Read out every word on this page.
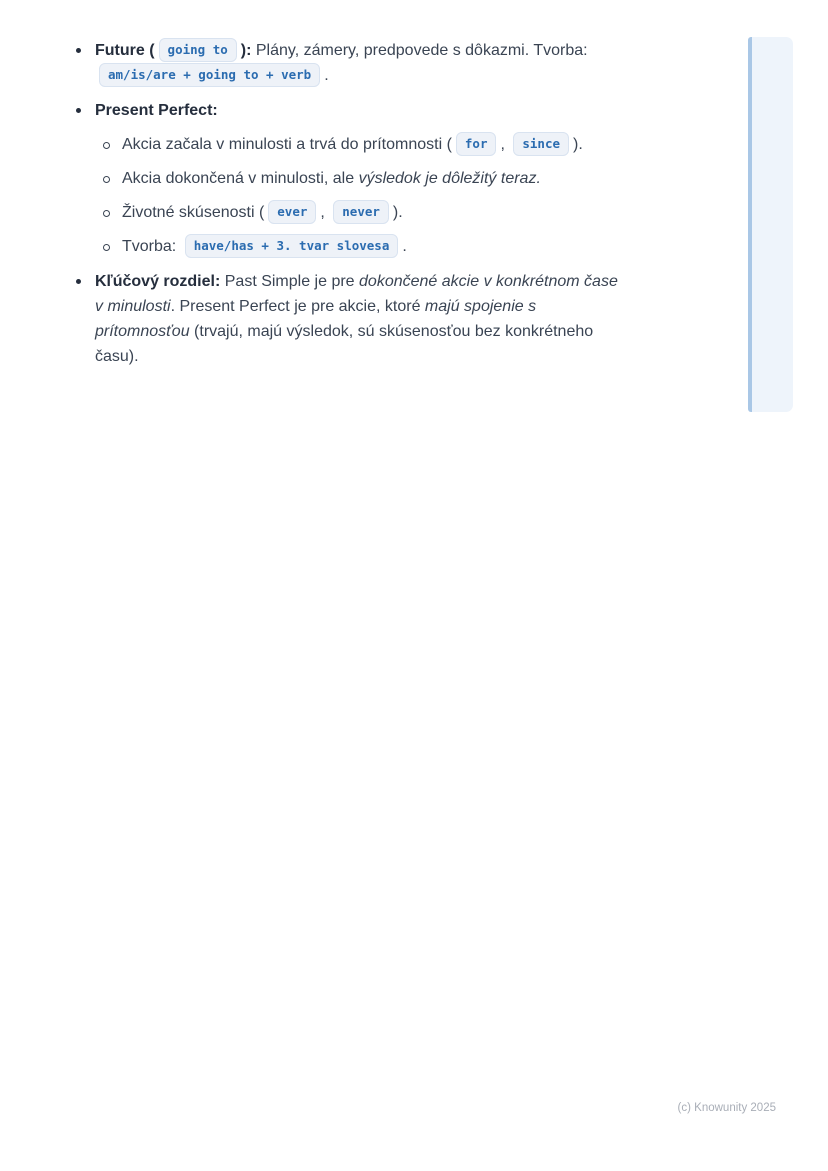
Future ( going to ): Plány, zámery, predpovede s dôkazmi. Tvorba:
am/is/are + going to + verb .
Present Perfect:
Akcia začala v minulosti a trvá do prítomnosti ( for , since ).
Akcia dokončená v minulosti, ale výsledok je dôležitý teraz.
Životné skúsenosti ( ever , never ).
Tvorba: have/has + 3. tvar slovesa .
Kľúčový rozdiel: Past Simple je pre dokončené akcie v konkrétnom čase
v minulosti. Present Perfect je pre akcie, ktoré majú spojenie s
prítomnosťou (trvajú, majú výsledok, sú skúsenosťou bez konkrétneho
času).
(c) Knowunity 2025
